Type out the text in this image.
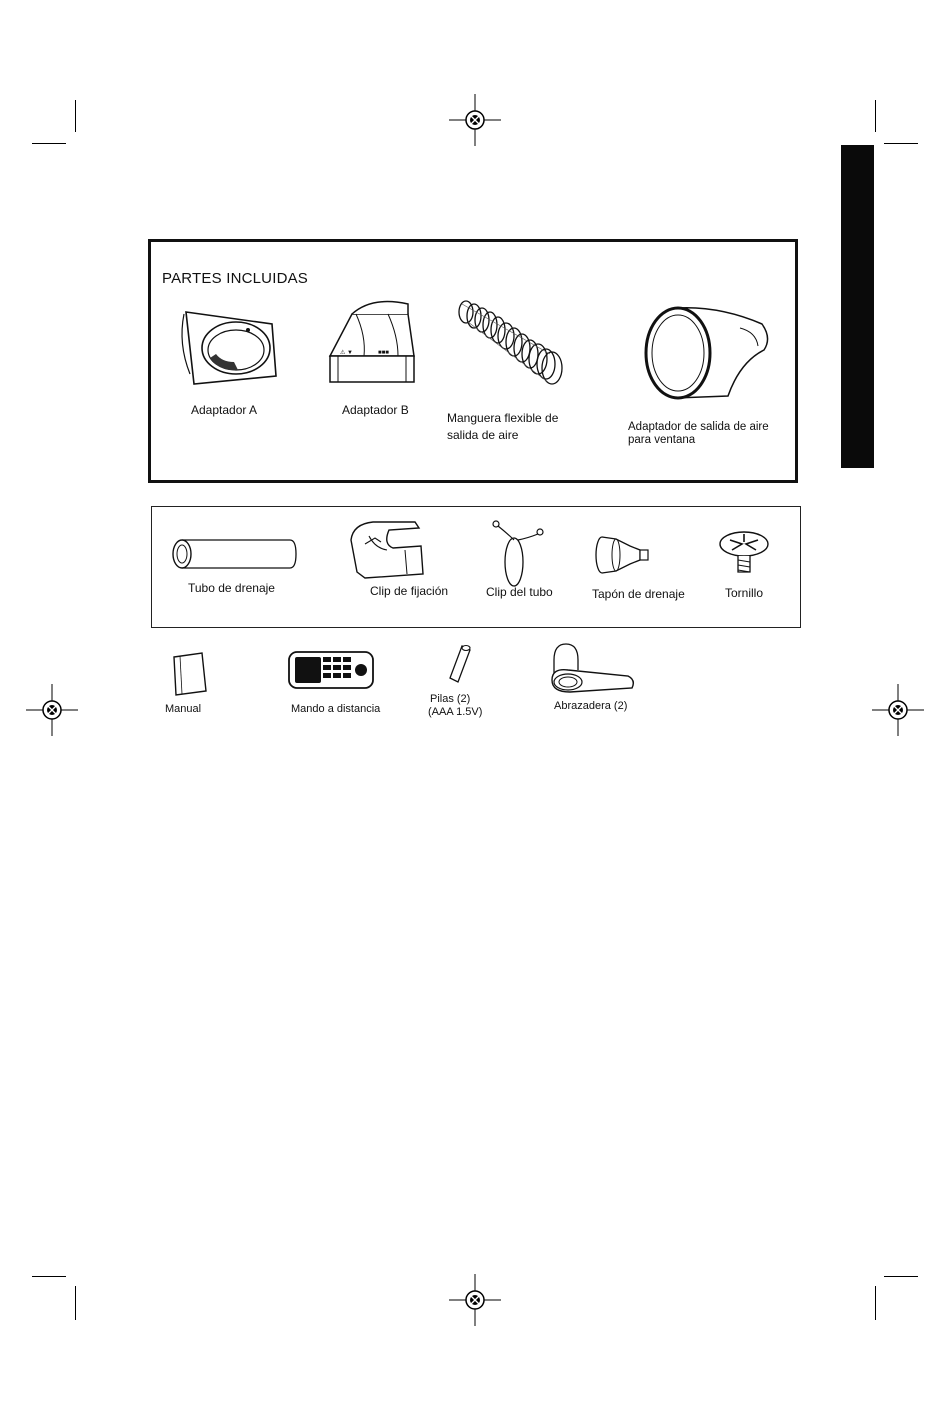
PARTES INCLUIDAS
Adaptador A
⚠ ▼	■■■
Adaptador B
Manguera flexible de salida de aire
Adaptador de salida de aire para ventana
Tubo de drenaje	Clip de fijación	Clip del tubo	Tapón de drenaje	Tornillo
Manual	Mando a distancia
Pilas (2)
(AAA 1.5V)	Abrazadera (2)
